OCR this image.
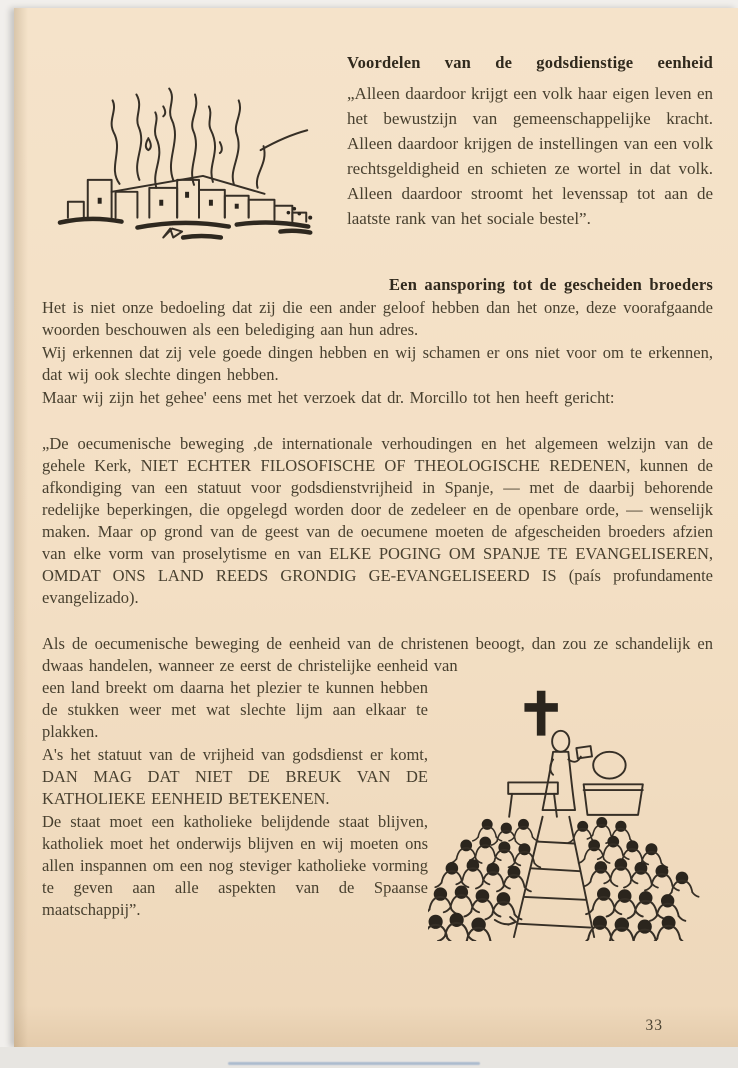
Voordelen van de godsdienstige eenheid
„Alleen daardoor krijgt een volk haar eigen leven en het bewustzijn van gemeenschappelijke kracht. Alleen daardoor krijgen de instellingen van een volk rechtsgeldigheid en schieten ze wortel in dat volk. Alleen daardoor stroomt het levenssap tot aan de laatste rank van het sociale bestel”.
Een aansporing tot de gescheiden broeders

Het is niet onze bedoeling dat zij die een ander geloof hebben dan het onze, deze voorafgaande woorden beschouwen als een belediging aan hun adres.

Wij erkennen dat zij vele goede dingen hebben en wij schamen er ons niet voor om te erkennen, dat wij ook slechte dingen hebben.

Maar wij zijn het gehee' eens met het verzoek dat dr. Morcillo tot hen heeft gericht:

„De oecumenische beweging ,de internationale verhoudingen en het algemeen welzijn van de gehele Kerk, NIET ECHTER FILOSOFISCHE OF THEOLOGISCHE REDENEN, kunnen de afkondiging van een statuut voor godsdienstvrijheid in Spanje, — met de daarbij behorende redelijke beperkingen, die opgelegd worden door de zedeleer en de openbare orde, — wenselijk maken. Maar op grond van de geest van de oecumene moeten de afgescheiden broeders afzien van elke vorm van proselytisme en van ELKE POGING OM SPANJE TE EVANGELISEREN, OMDAT ONS LAND REEDS GRONDIG GE-EVANGELISEERD IS (país profundamente evangelizado).

Als de oecumenische beweging de eenheid van de christenen beoogt, dan zou ze schandelijk en dwaas handelen, wanneer ze eerst de christelijke eenheid van

een land breekt om daarna het plezier te kunnen hebben de stukken weer met wat slechte lijm aan elkaar te plakken.

A's het statuut van de vrijheid van godsdienst er komt, DAN MAG DAT NIET DE BREUK VAN DE KATHOLIEKE EENHEID BETEKENEN.

De staat moet een katholieke belijdende staat blijven, katholiek moet het onderwijs blijven en wij moeten ons allen inspannen om een nog steviger katholieke vorming te geven aan alle aspekten van de Spaanse maatschappij”.

33
